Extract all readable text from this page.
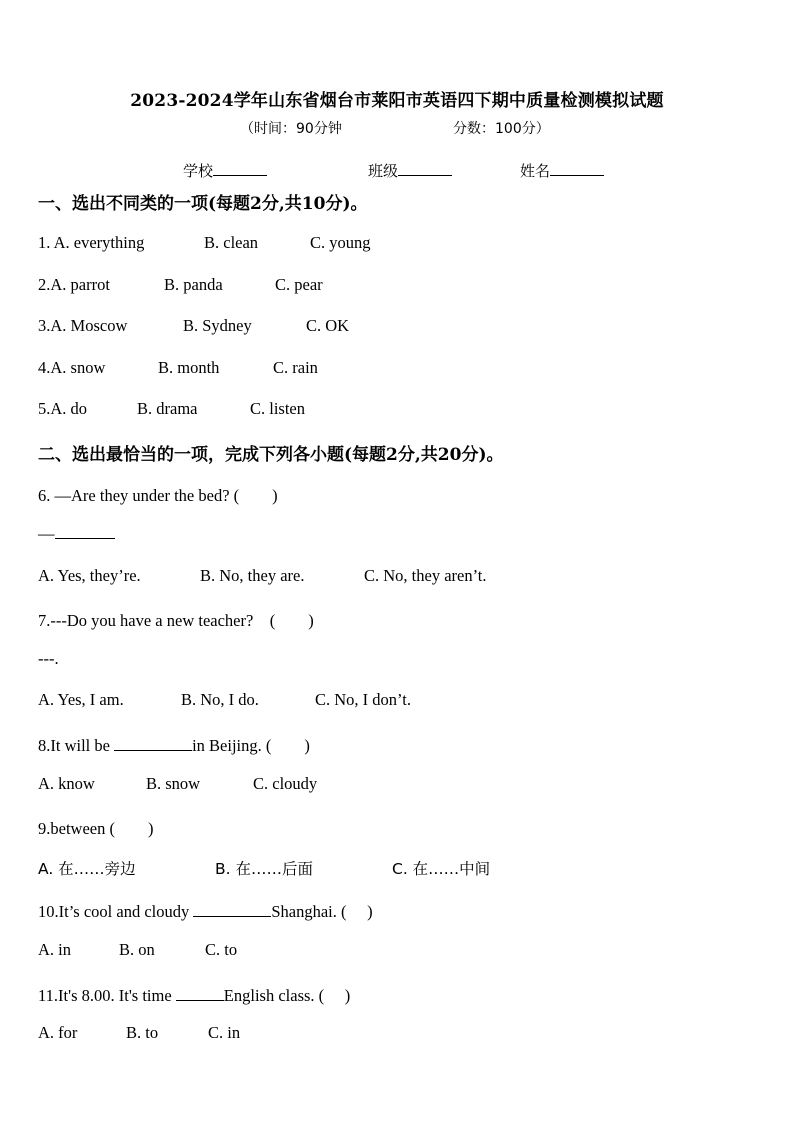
2023-2024学年山东省烟台市莱阳市英语四下期中质量检测模拟试题
（时间：90分钟	分数：100分）
学校	班级	姓名
一、选出不同类的一项(每题2分,共10分)。
1. A. everything	B. clean	C. young
2.A. parrot	B. panda	C. pear
3.A. Moscow	B. Sydney	C. OK
4.A. snow	B. month	C. rain
5.A. do	B. drama	C. listen
二、选出最恰当的一项，完成下列各小题(每题2分,共20分)。
6. —Are they under the bed? (　　)
—
A. Yes, they’re.	B. No, they are.	C. No, they aren’t.
7.---Do you have a new teacher?　(　　)
---.
A. Yes, I am.	B. No, I do.	C. No, I don’t.
8.It will be	in Beijing. (　　)
A. know	B. snow	C. cloudy
9.between (　　)
A. 在……旁边	B. 在……后面	C. 在……中间
10.It’s cool and cloudy	Shanghai. (　 )
A. in	B. on	C. to
11.It's 8.00. It's time	English class. (　 )
A. for	B. to	C. in
